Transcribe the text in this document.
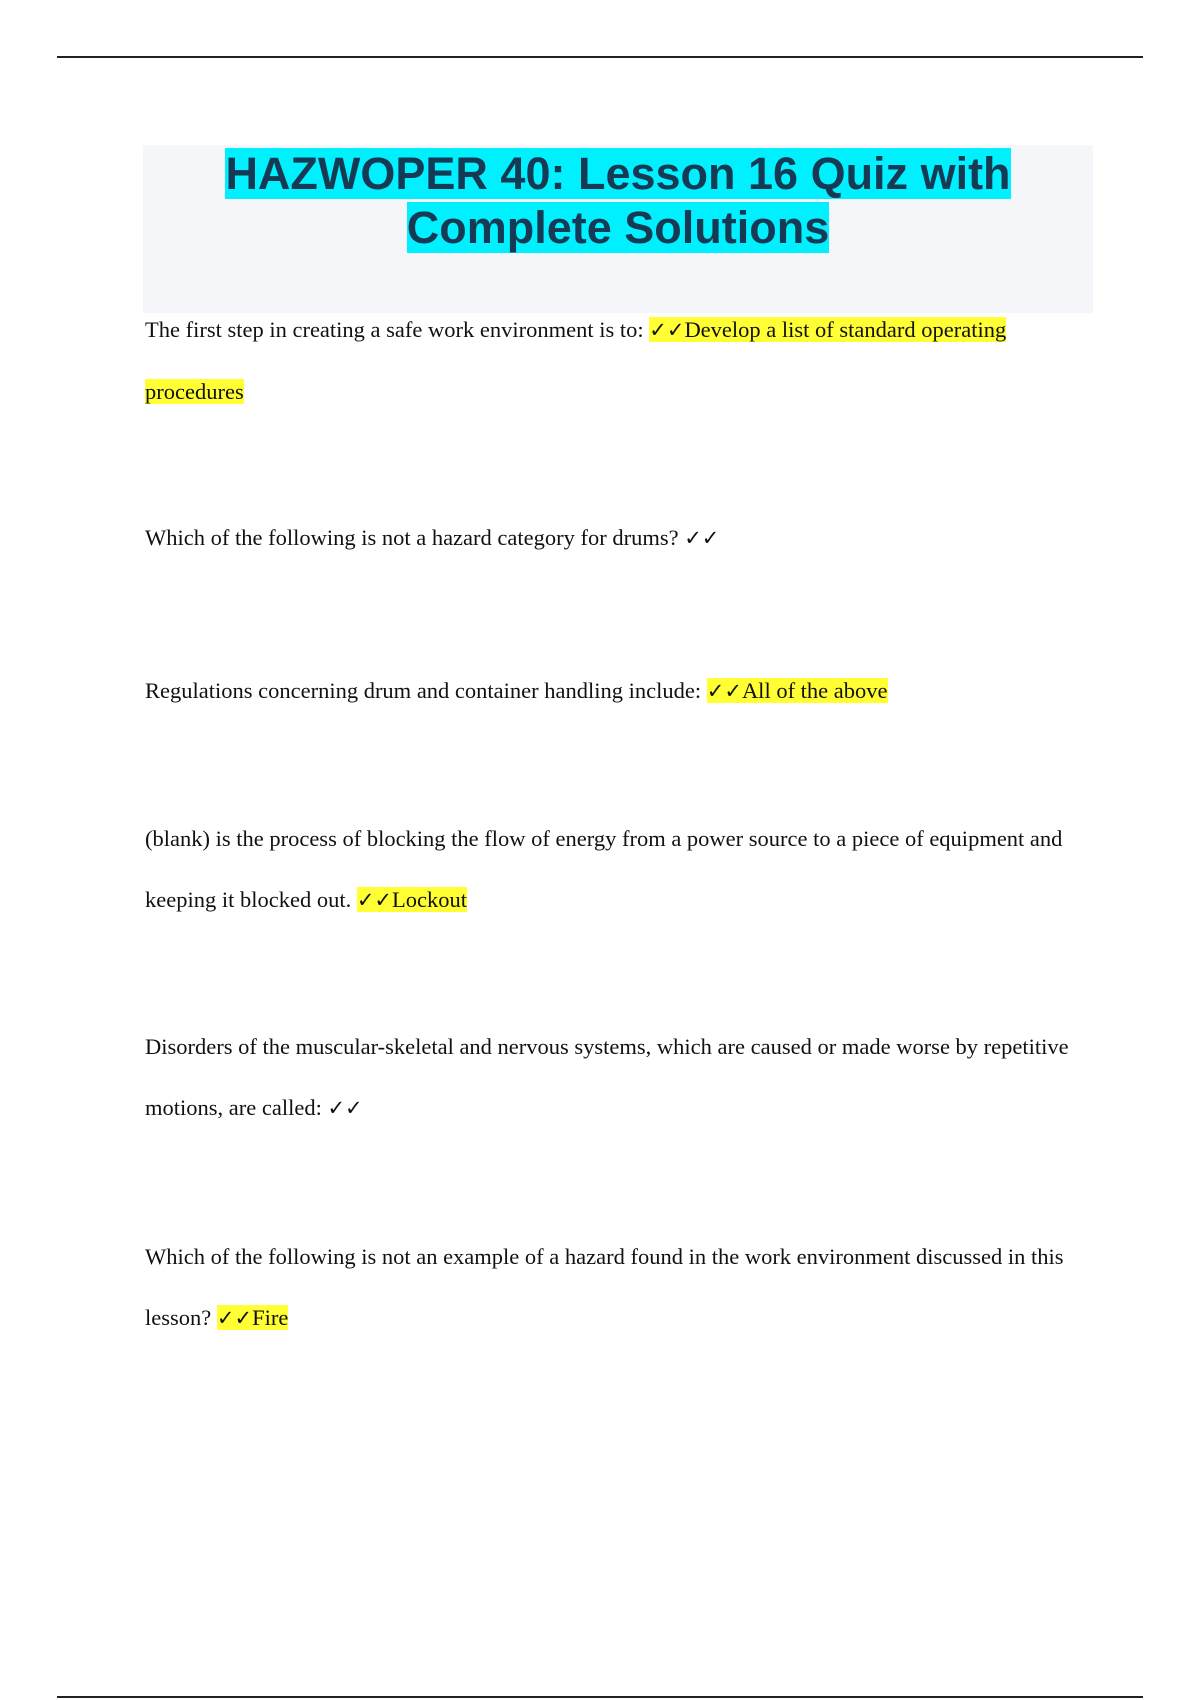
HAZWOPER 40: Lesson 16 Quiz with
Complete Solutions

The first step in creating a safe work environment is to: ✓✓Develop a list of standard operating procedures

Which of the following is not a hazard category for drums? ✓✓

Regulations concerning drum and container handling include: ✓✓All of the above

(blank) is the process of blocking the flow of energy from a power source to a piece of equipment and keeping it blocked out. ✓✓Lockout

Disorders of the muscular-skeletal and nervous systems, which are caused or made worse by repetitive motions, are called: ✓✓

Which of the following is not an example of a hazard found in the work environment discussed in this lesson? ✓✓Fire
